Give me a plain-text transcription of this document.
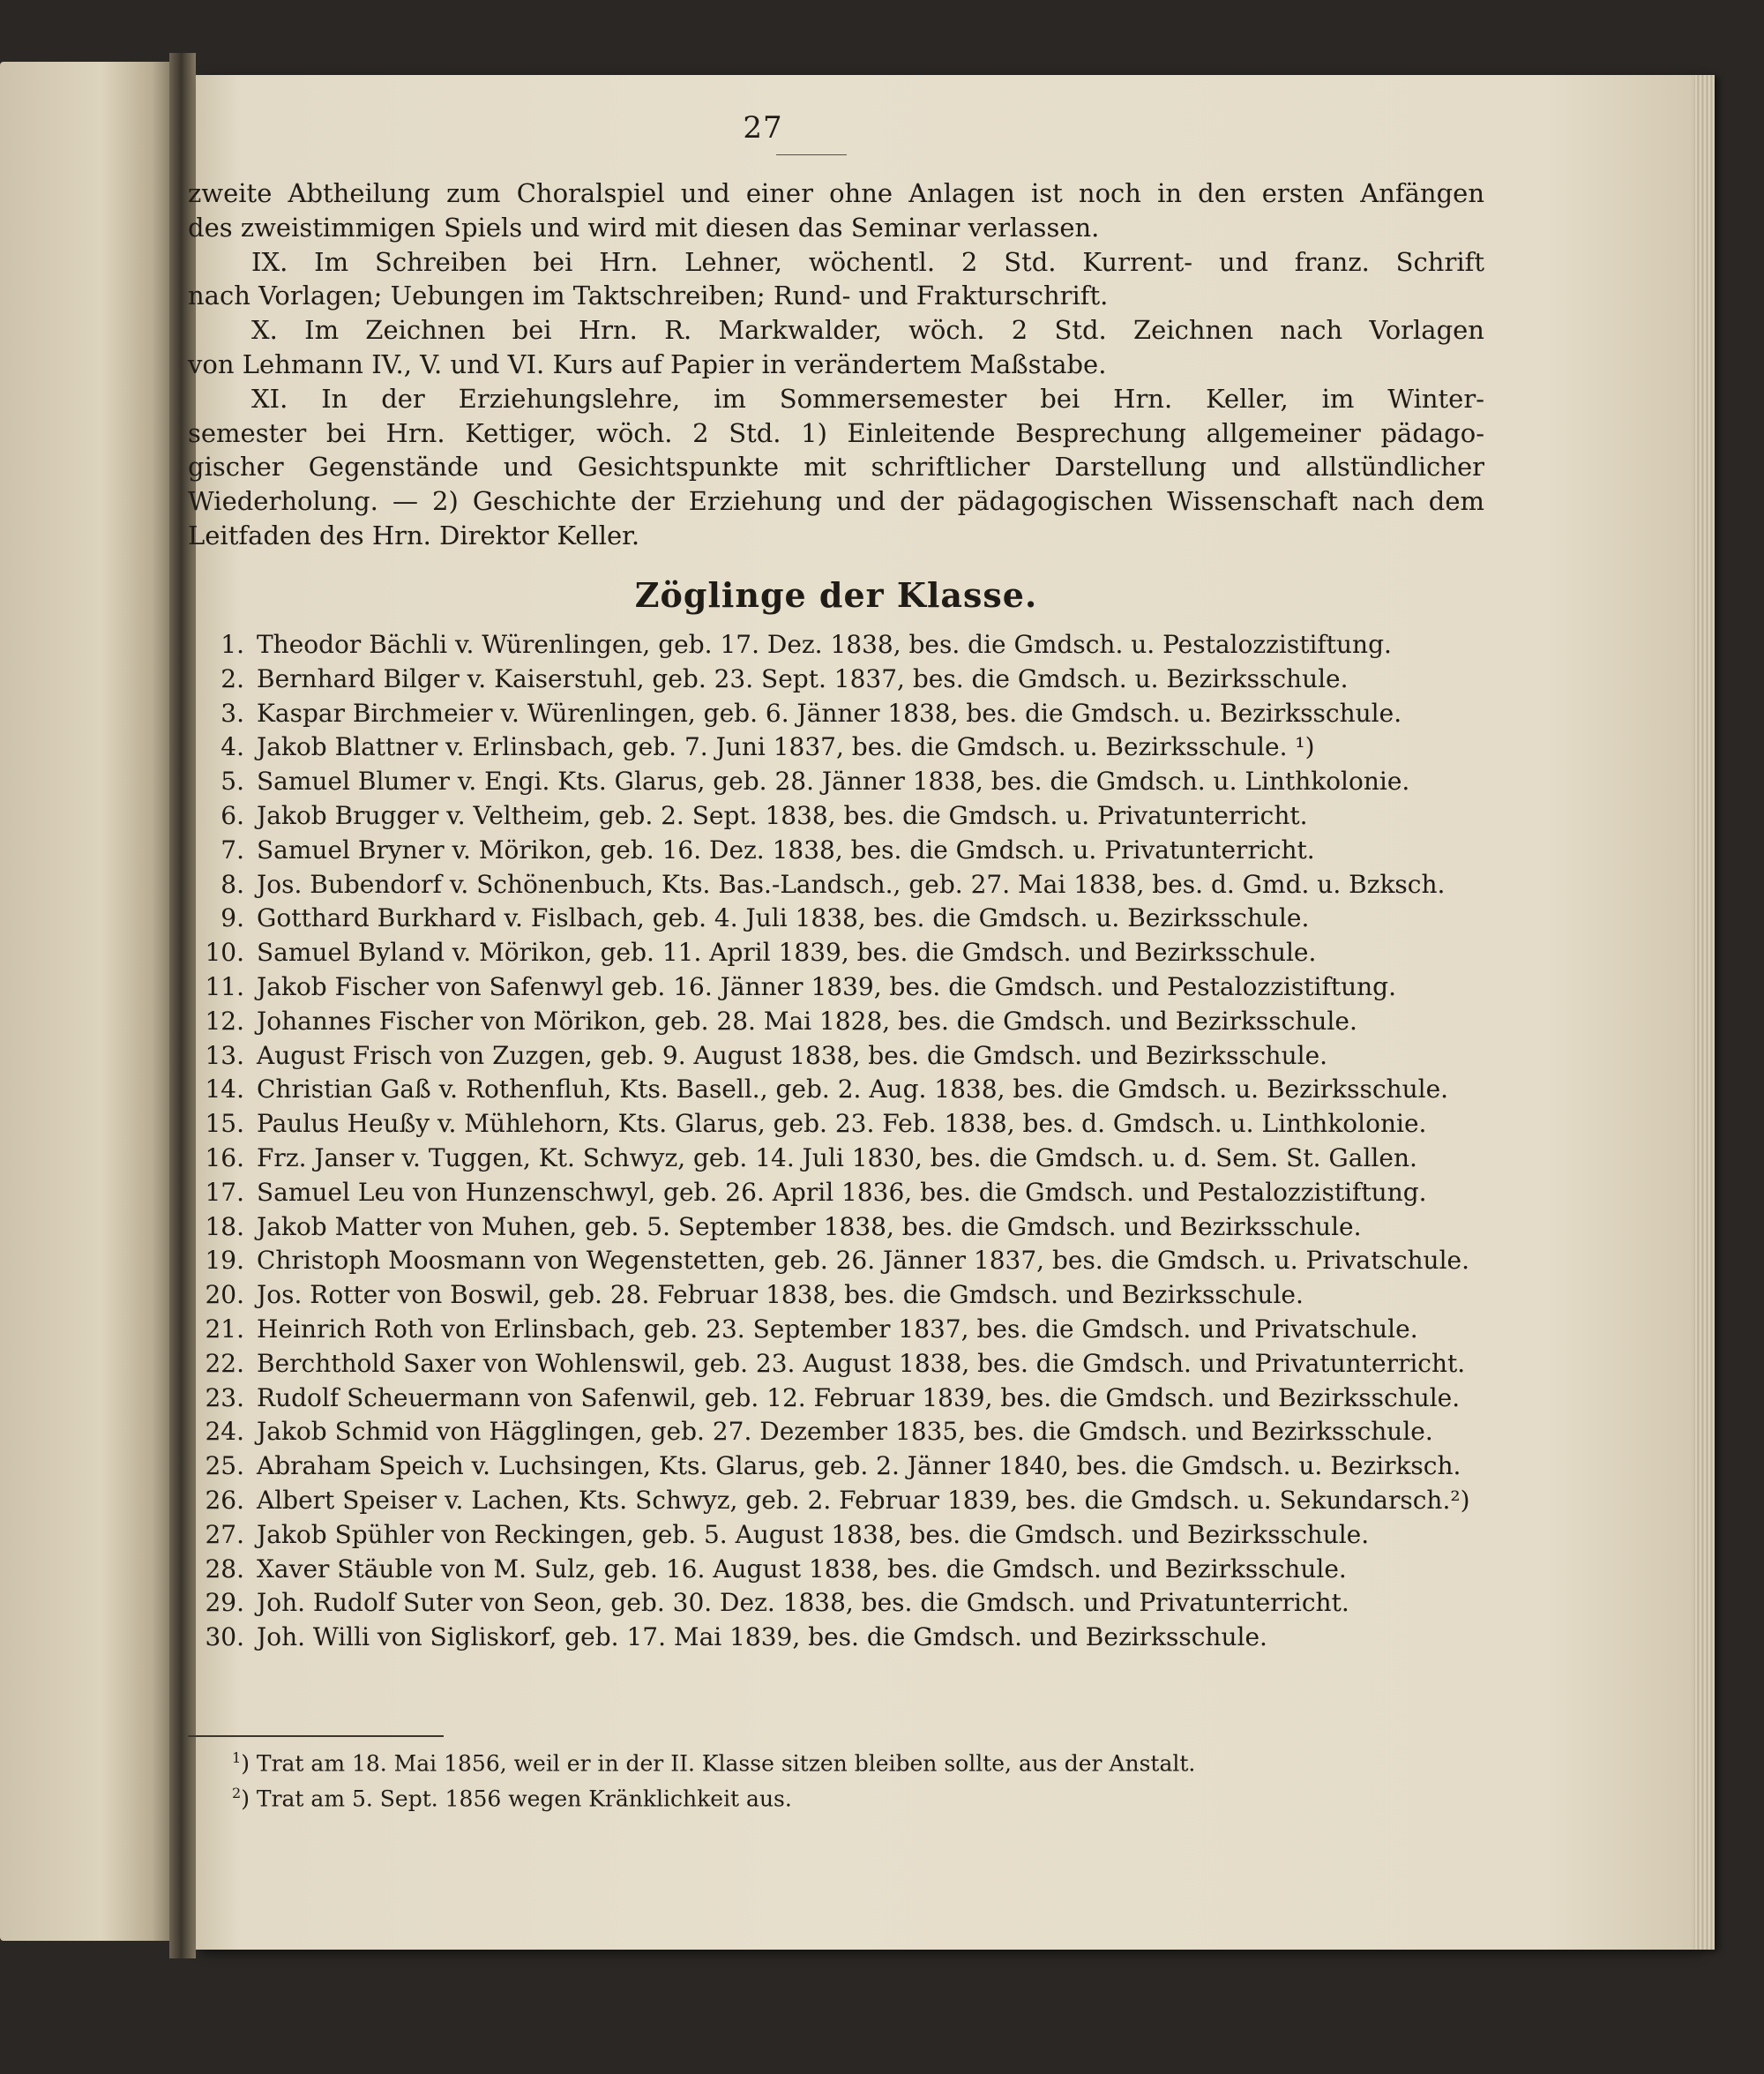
27
zweite Abtheilung zum Choralspiel und einer ohne Anlagen ist noch in den ersten Anfängen
des zweistimmigen Spiels und wird mit diesen das Seminar verlassen.
IX. Im Schreiben bei Hrn. Lehner, wöchentl. 2 Std. Kurrent- und franz. Schrift
nach Vorlagen; Uebungen im Taktschreiben; Rund- und Frakturschrift.
X. Im Zeichnen bei Hrn. R. Markwalder, wöch. 2 Std. Zeichnen nach Vorlagen
von Lehmann IV., V. und VI. Kurs auf Papier in verändertem Maßstabe.
XI. In der Erziehungslehre, im Sommersemester bei Hrn. Keller, im Winter-
semester bei Hrn. Kettiger, wöch. 2 Std. 1) Einleitende Besprechung allgemeiner pädago-
gischer Gegenstände und Gesichtspunkte mit schriftlicher Darstellung und allstündlicher
Wiederholung. — 2) Geschichte der Erziehung und der pädagogischen Wissenschaft nach dem
Leitfaden des Hrn. Direktor Keller.
Zöglinge der Klasse.
1. Theodor Bächli v. Würenlingen, geb. 17. Dez. 1838, bes. die Gmdsch. u. Pestalozzistiftung.
2. Bernhard Bilger v. Kaiserstuhl, geb. 23. Sept. 1837, bes. die Gmdsch. u. Bezirksschule.
3. Kaspar Birchmeier v. Würenlingen, geb. 6. Jänner 1838, bes. die Gmdsch. u. Bezirksschule.
4. Jakob Blattner v. Erlinsbach, geb. 7. Juni 1837, bes. die Gmdsch. u. Bezirksschule. ¹)
5. Samuel Blumer v. Engi. Kts. Glarus, geb. 28. Jänner 1838, bes. die Gmdsch. u. Linthkolonie.
6. Jakob Brugger v. Veltheim, geb. 2. Sept. 1838, bes. die Gmdsch. u. Privatunterricht.
7. Samuel Bryner v. Mörikon, geb. 16. Dez. 1838, bes. die Gmdsch. u. Privatunterricht.
8. Jos. Bubendorf v. Schönenbuch, Kts. Bas.-Landsch., geb. 27. Mai 1838, bes. d. Gmd. u. Bzksch.
9. Gotthard Burkhard v. Fislbach, geb. 4. Juli 1838, bes. die Gmdsch. u. Bezirksschule.
10. Samuel Byland v. Mörikon, geb. 11. April 1839, bes. die Gmdsch. und Bezirksschule.
11. Jakob Fischer von Safenwyl geb. 16. Jänner 1839, bes. die Gmdsch. und Pestalozzistiftung.
12. Johannes Fischer von Mörikon, geb. 28. Mai 1828, bes. die Gmdsch. und Bezirksschule.
13. August Frisch von Zuzgen, geb. 9. August 1838, bes. die Gmdsch. und Bezirksschule.
14. Christian Gaß v. Rothenfluh, Kts. Basell., geb. 2. Aug. 1838, bes. die Gmdsch. u. Bezirksschule.
15. Paulus Heußy v. Mühlehorn, Kts. Glarus, geb. 23. Feb. 1838, bes. d. Gmdsch. u. Linthkolonie.
16. Frz. Janser v. Tuggen, Kt. Schwyz, geb. 14. Juli 1830, bes. die Gmdsch. u. d. Sem. St. Gallen.
17. Samuel Leu von Hunzenschwyl, geb. 26. April 1836, bes. die Gmdsch. und Pestalozzistiftung.
18. Jakob Matter von Muhen, geb. 5. September 1838, bes. die Gmdsch. und Bezirksschule.
19. Christoph Moosmann von Wegenstetten, geb. 26. Jänner 1837, bes. die Gmdsch. u. Privatschule.
20. Jos. Rotter von Boswil, geb. 28. Februar 1838, bes. die Gmdsch. und Bezirksschule.
21. Heinrich Roth von Erlinsbach, geb. 23. September 1837, bes. die Gmdsch. und Privatschule.
22. Berchthold Saxer von Wohlenswil, geb. 23. August 1838, bes. die Gmdsch. und Privatunterricht.
23. Rudolf Scheuermann von Safenwil, geb. 12. Februar 1839, bes. die Gmdsch. und Bezirksschule.
24. Jakob Schmid von Hägglingen, geb. 27. Dezember 1835, bes. die Gmdsch. und Bezirksschule.
25. Abraham Speich v. Luchsingen, Kts. Glarus, geb. 2. Jänner 1840, bes. die Gmdsch. u. Bezirksch.
26. Albert Speiser v. Lachen, Kts. Schwyz, geb. 2. Februar 1839, bes. die Gmdsch. u. Sekundarsch.²)
27. Jakob Spühler von Reckingen, geb. 5. August 1838, bes. die Gmdsch. und Bezirksschule.
28. Xaver Stäuble von M. Sulz, geb. 16. August 1838, bes. die Gmdsch. und Bezirksschule.
29. Joh. Rudolf Suter von Seon, geb. 30. Dez. 1838, bes. die Gmdsch. und Privatunterricht.
30. Joh. Willi von Sigliskorf, geb. 17. Mai 1839, bes. die Gmdsch. und Bezirksschule.
$^1$) Trat am 18. Mai 1856, weil er in der II. Klasse sitzen bleiben sollte, aus der Anstalt.
$^2$) Trat am 5. Sept. 1856 wegen Kränklichkeit aus.
